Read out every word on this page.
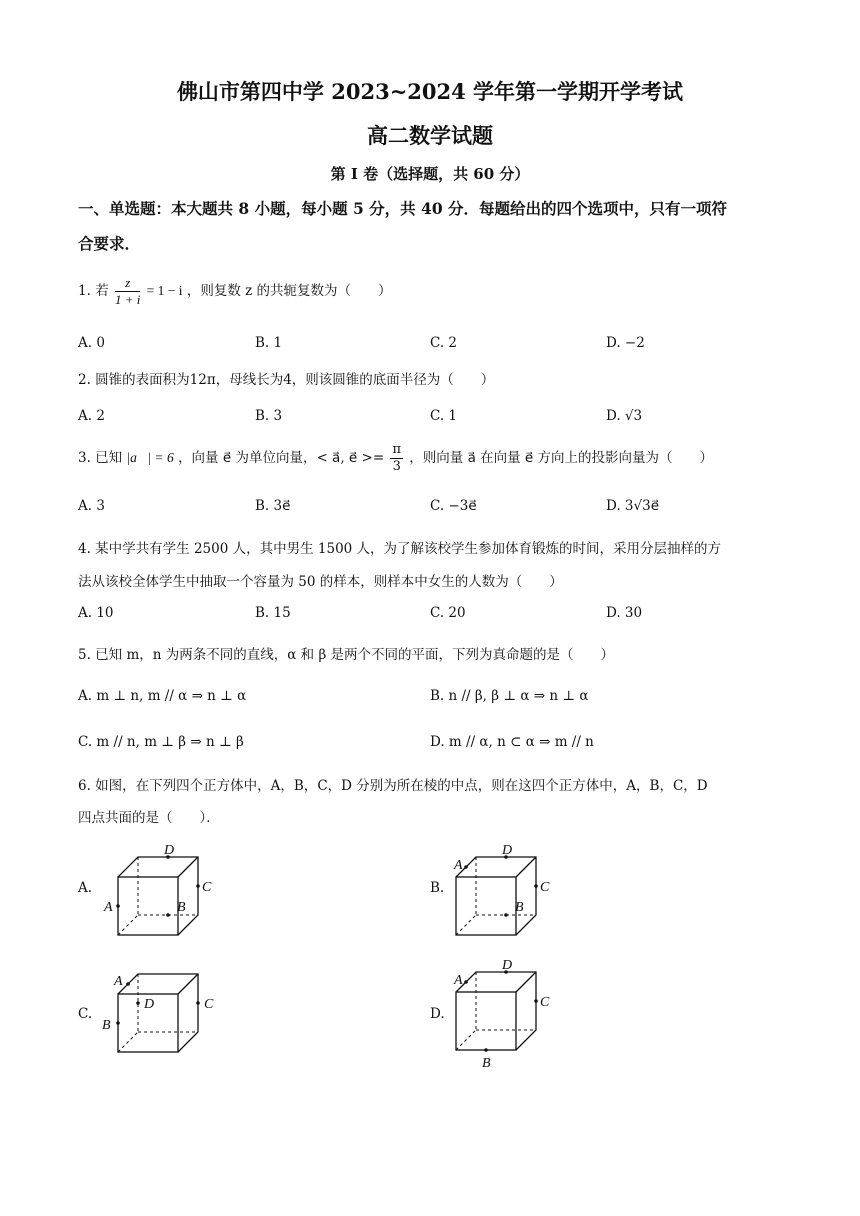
佛山市第四中学 2023~2024 学年第一学期开学考试
高二数学试题
第 I 卷（选择题，共 60 分）
一、单选题：本大题共 8 小题，每小题 5 分，共 40 分．每题给出的四个选项中，只有一项符
合要求．
1. 若 $\frac{z}{1 + i} = 1 - i$ ，则复数 z 的共轭复数为（　　）
A. 0	B. 1	C. 2	D. −2
2. 圆锥的表面积为12π，母线长为4，则该圆锥的底面半径为（　　）
A. 2	B. 3	C. 1	D. √3
3. 已知 |a⃗| = 6 ，向量 e⃗ 为单位向量，< a⃗, e⃗ >= $\frac{\pi}{3}$ ，则向量 a⃗ 在向量 e⃗ 方向上的投影向量为（　　）
A. 3	B. 3e⃗	C. −3e⃗	D. 3√3e⃗
4. 某中学共有学生 2500 人，其中男生 1500 人，为了解该校学生参加体育锻炼的时间，采用分层抽样的方
法从该校全体学生中抽取一个容量为 50 的样本，则样本中女生的人数为（　　）
A. 10	B. 15	C. 20	D. 30
5. 已知 m，n 为两条不同的直线，α 和 β 是两个不同的平面，下列为真命题的是（　　）
A. m ⊥ n, m // α ⇒ n ⊥ α	B. n // β, β ⊥ α ⇒ n ⊥ α
C. m // n, m ⊥ β ⇒ n ⊥ β	D. m // α, n ⊂ α ⇒ m // n
6. 如图，在下列四个正方体中，A，B，C，D 分别为所在棱的中点，则在这四个正方体中，A，B，C，D
四点共面的是（　　）．
A.	B.
C.	D.
A	B
C
D
A
B
C
D
A
B
C
D
A
B
C
D
